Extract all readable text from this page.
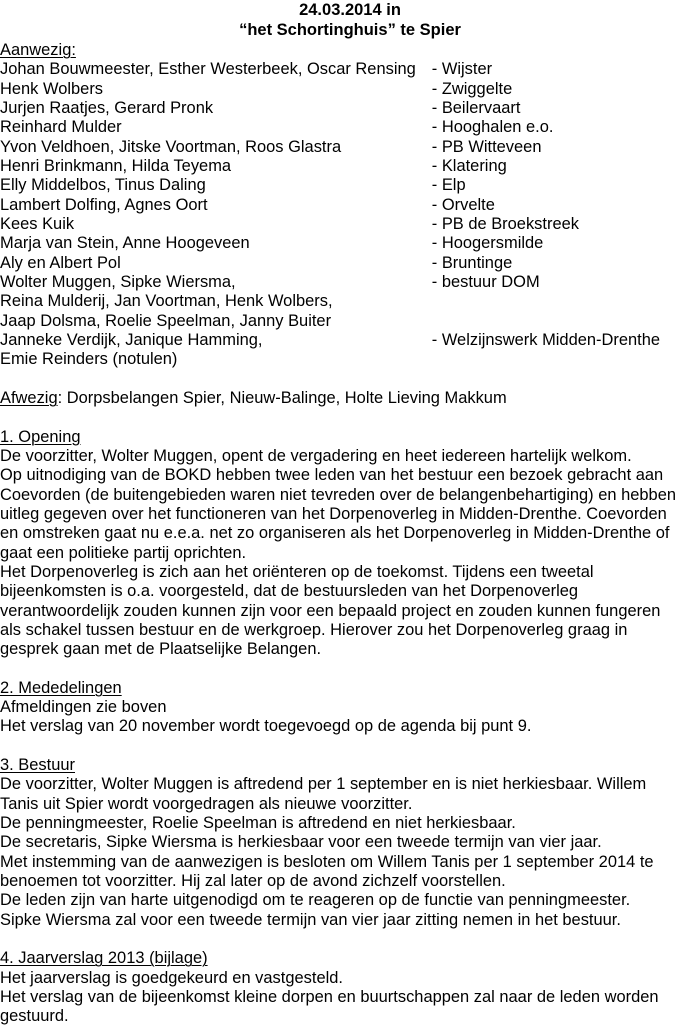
24.03.2014 in

“het Schortinghuis” te Spier

Aanwezig:

Johan Bouwmeester, Esther Westerbeek, Oscar Rensing - Wijster
Henk Wolbers	- Zwiggelte
Jurjen Raatjes, Gerard Pronk	- Beilervaart
Reinhard Mulder	- Hooghalen e.o.
Yvon Veldhoen, Jitske Voortman, Roos Glastra	- PB Witteveen
Henri Brinkmann, Hilda Teyema	- Klatering
Elly Middelbos, Tinus Daling	- Elp
Lambert Dolfing, Agnes Oort	- Orvelte
Kees Kuik	- PB de Broekstreek
Marja van Stein, Anne Hoogeveen	- Hoogersmilde
Aly en Albert Pol	- Bruntinge
Wolter Muggen, Sipke Wiersma,	- bestuur DOM
Reina Mulderij, Jan Voortman, Henk Wolbers,
Jaap Dolsma, Roelie Speelman, Janny Buiter
Janneke Verdijk, Janique Hamming,	- Welzijnswerk Midden-Drenthe
Emie Reinders (notulen)

Afwezig: Dorpsbelangen Spier, Nieuw-Balinge, Holte Lieving Makkum

1. Opening

De voorzitter, Wolter Muggen, opent de vergadering en heet iedereen hartelijk welkom.

Op uitnodiging van de BOKD hebben twee leden van het bestuur een bezoek gebracht aan

Coevorden (de buitengebieden waren niet tevreden over de belangenbehartiging) en hebben

uitleg gegeven over het functioneren van het Dorpenoverleg in Midden-Drenthe. Coevorden

en omstreken gaat nu e.e.a. net zo organiseren als het Dorpenoverleg in Midden-Drenthe of

gaat een politieke partij oprichten.

Het Dorpenoverleg is zich aan het oriënteren op de toekomst. Tijdens een tweetal

bijeenkomsten is o.a. voorgesteld, dat de bestuursleden van het Dorpenoverleg

verantwoordelijk zouden kunnen zijn voor een bepaald project en zouden kunnen fungeren

als schakel tussen bestuur en de werkgroep. Hierover zou het Dorpenoverleg graag in

gesprek gaan met de Plaatselijke Belangen.

2. Mededelingen

Afmeldingen zie boven

Het verslag van 20 november wordt toegevoegd op de agenda bij punt 9.

3. Bestuur

De voorzitter, Wolter Muggen is aftredend per 1 september en is niet herkiesbaar. Willem

Tanis uit Spier wordt voorgedragen als nieuwe voorzitter.

De penningmeester, Roelie Speelman is aftredend en niet herkiesbaar.

De secretaris, Sipke Wiersma is herkiesbaar voor een tweede termijn van vier jaar.

Met instemming van de aanwezigen is besloten om Willem Tanis per 1 september 2014 te

benoemen tot voorzitter. Hij zal later op de avond zichzelf voorstellen.

De leden zijn van harte uitgenodigd om te reageren op de functie van penningmeester.

Sipke Wiersma zal voor een tweede termijn van vier jaar zitting nemen in het bestuur.

4. Jaarverslag 2013 (bijlage)

Het jaarverslag is goedgekeurd en vastgesteld.

Het verslag van de bijeenkomst kleine dorpen en buurtschappen zal naar de leden worden

gestuurd.
